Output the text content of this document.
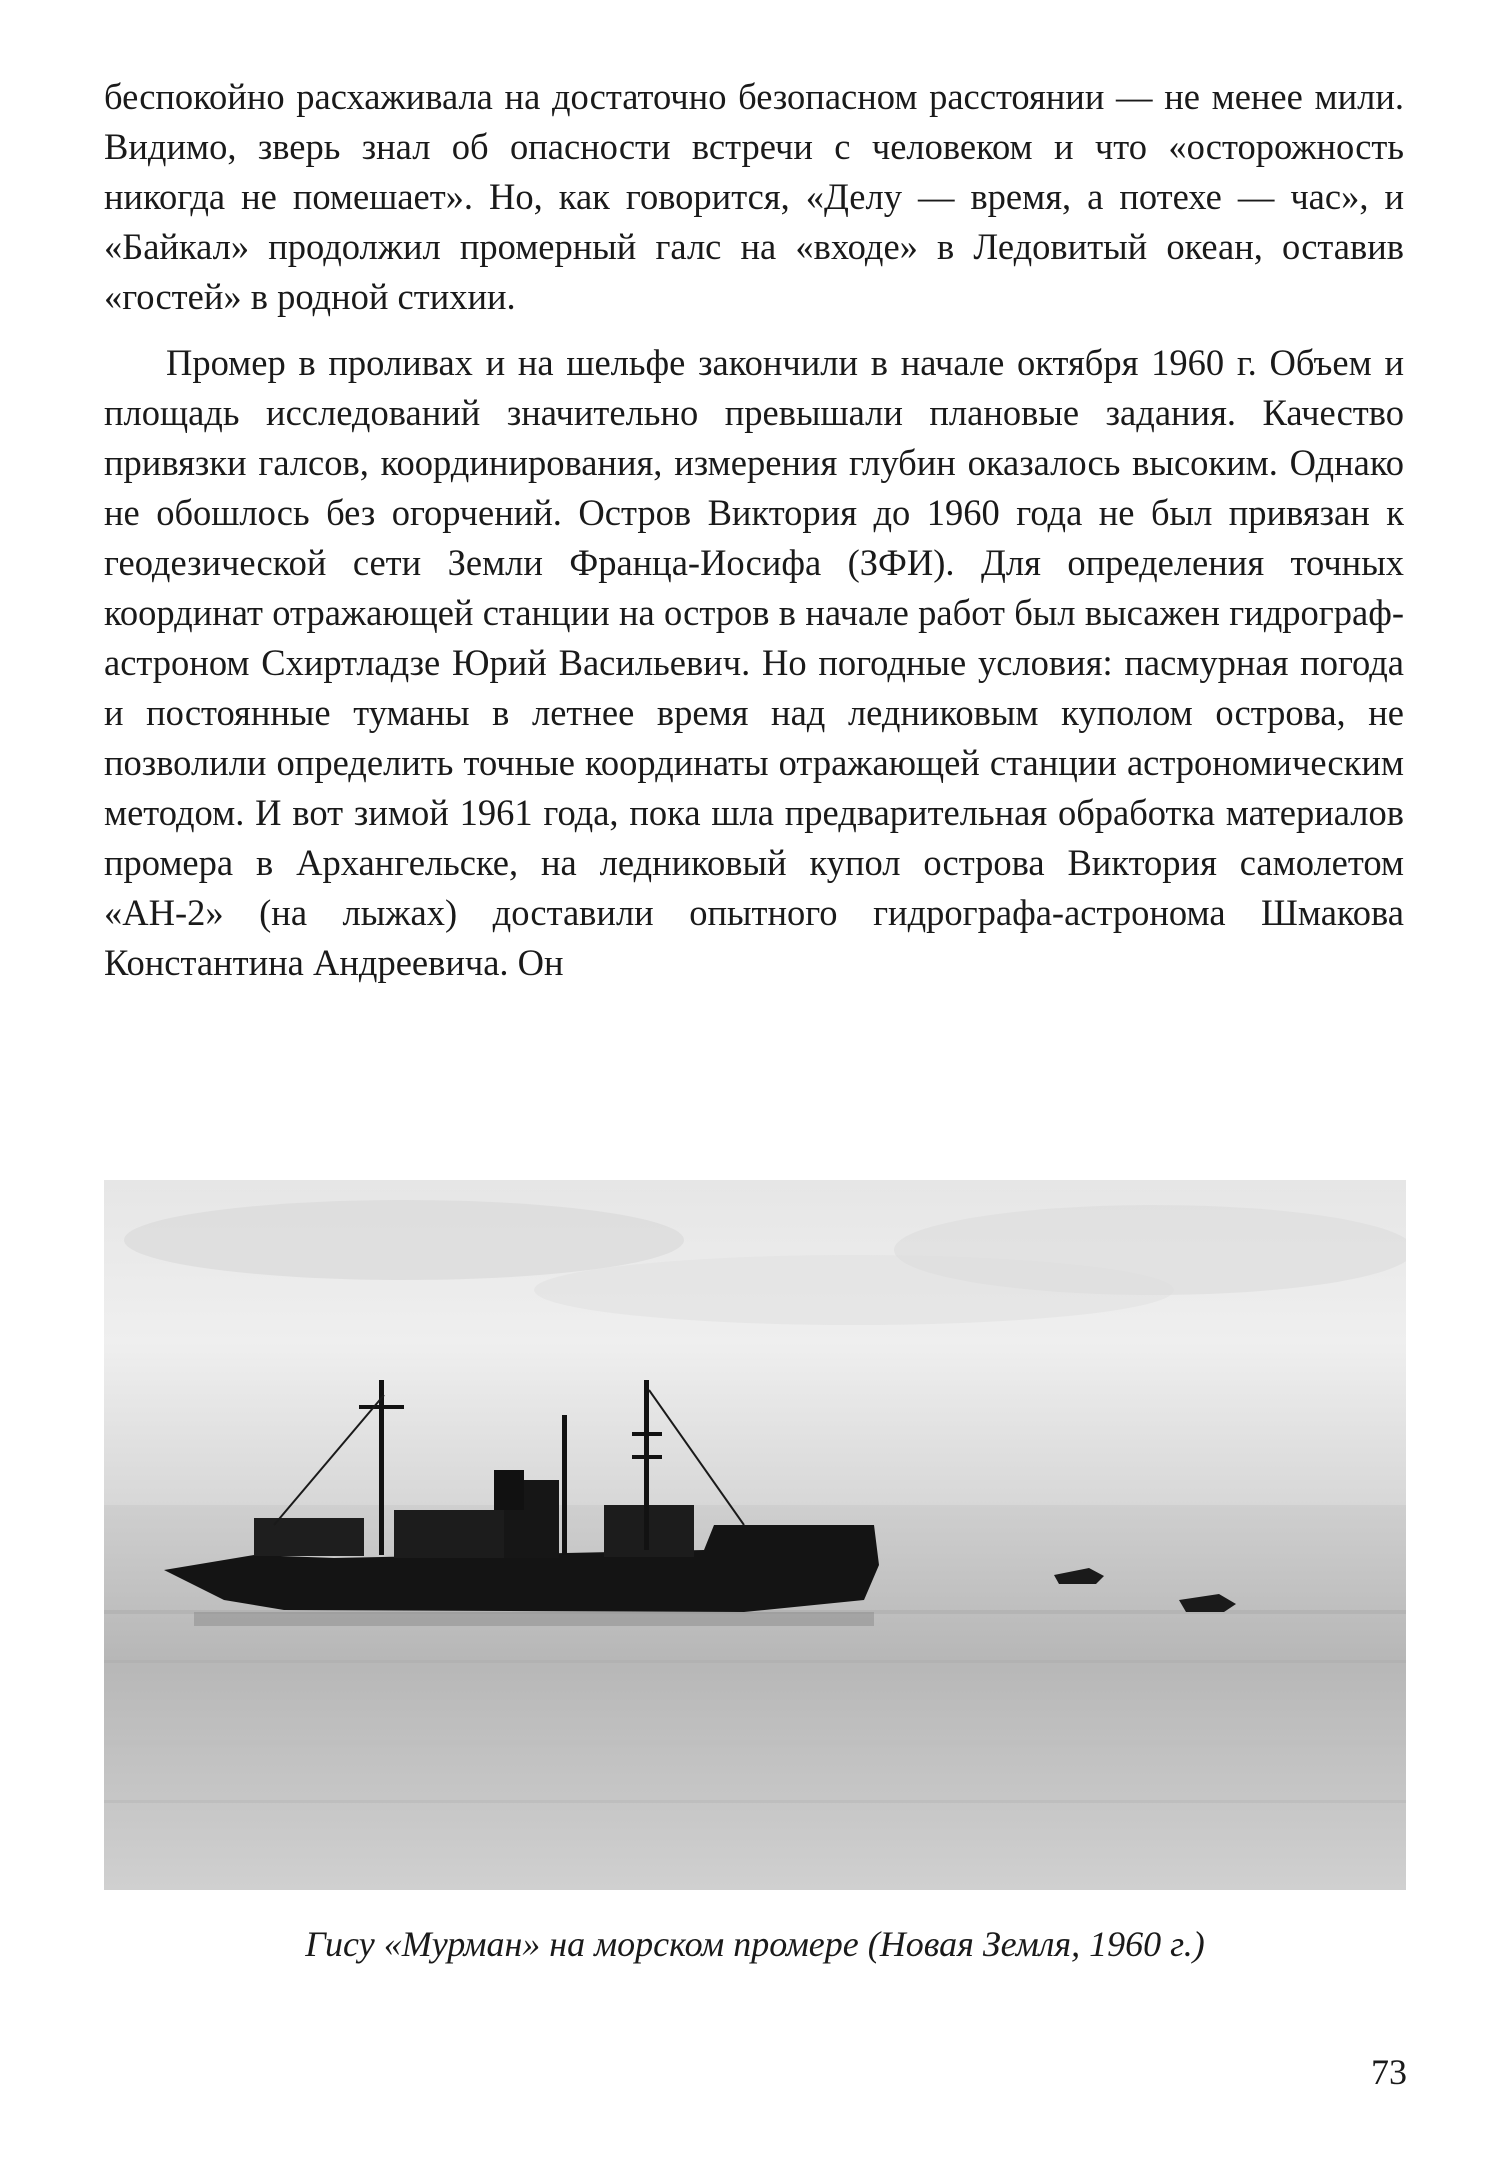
беспокойно расхаживала на достаточно безопасном расстоянии — не менее мили. Видимо, зверь знал об опасности встречи с человеком и что «осторожность никогда не помешает». Но, как говорится, «Делу — время, а потехе — час», и «Байкал» продолжил промерный галс на «входе» в Ледовитый океан, оставив «гостей» в родной стихии.

Промер в проливах и на шельфе закончили в начале октября 1960 г. Объем и площадь исследований значительно превышали плановые задания. Качество привязки галсов, координирования, измерения глубин оказалось высоким. Однако не обошлось без огорчений. Остров Виктория до 1960 года не был привязан к геодезической сети Земли Франца-Иосифа (ЗФИ). Для определения точных координат отражающей станции на остров в начале работ был высажен гидрограф-астроном Схиртладзе Юрий Васильевич. Но погодные условия: пасмурная погода и постоянные туманы в летнее время над ледниковым куполом острова, не позволили определить точные координаты отражающей станции астрономическим методом. И вот зимой 1961 года, пока шла предварительная обработка материалов промера в Архангельске, на ледниковый купол острова Виктория самолетом «АН-2» (на лыжах) доставили опытного гидрографа-астронома Шмакова Константина Андреевича. Он

Гису «Мурман» на морском промере (Новая Земля, 1960 г.)
73
